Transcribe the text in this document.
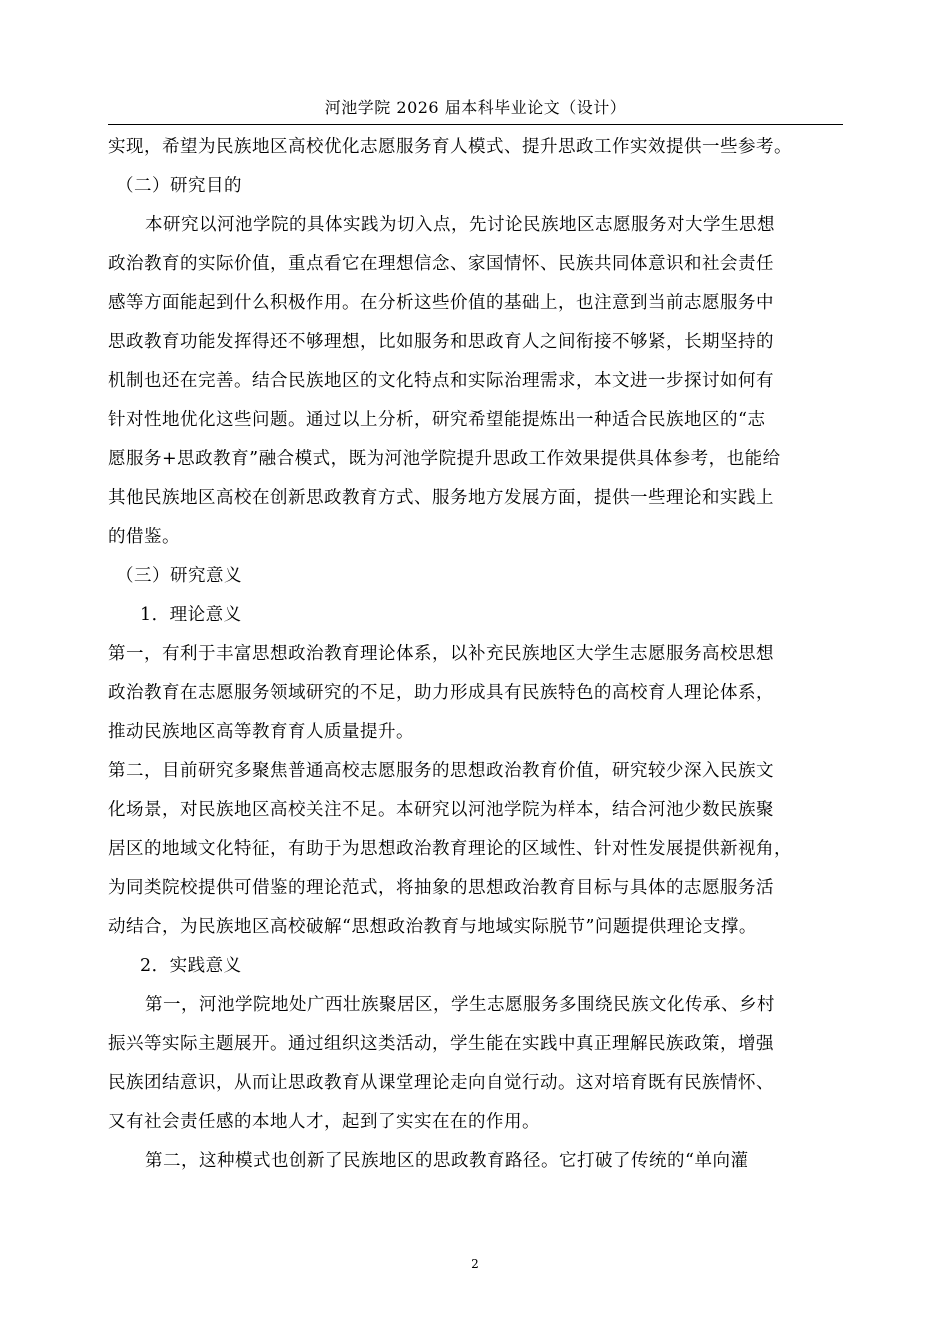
河池学院 2026 届本科毕业论文（设计）
实现，希望为民族地区高校优化志愿服务育人模式、提升思政工作实效提供一些参考。
（二）研究目的
本研究以河池学院的具体实践为切入点，先讨论民族地区志愿服务对大学生思想
政治教育的实际价值，重点看它在理想信念、家国情怀、民族共同体意识和社会责任
感等方面能起到什么积极作用。在分析这些价值的基础上，也注意到当前志愿服务中
思政教育功能发挥得还不够理想，比如服务和思政育人之间衔接不够紧，长期坚持的
机制也还在完善。结合民族地区的文化特点和实际治理需求，本文进一步探讨如何有
针对性地优化这些问题。通过以上分析，研究希望能提炼出一种适合民族地区的“志
愿服务+思政教育”融合模式，既为河池学院提升思政工作效果提供具体参考，也能给
其他民族地区高校在创新思政教育方式、服务地方发展方面，提供一些理论和实践上
的借鉴。
（三）研究意义
1．理论意义
第一，有利于丰富思想政治教育理论体系，以补充民族地区大学生志愿服务高校思想
政治教育在志愿服务领域研究的不足，助力形成具有民族特色的高校育人理论体系，
推动民族地区高等教育育人质量提升。
第二，目前研究多聚焦普通高校志愿服务的思想政治教育价值，研究较少深入民族文
化场景，对民族地区高校关注不足。本研究以河池学院为样本，结合河池少数民族聚
居区的地域文化特征，有助于为思想政治教育理论的区域性、针对性发展提供新视角，
为同类院校提供可借鉴的理论范式，将抽象的思想政治教育目标与具体的志愿服务活
动结合，为民族地区高校破解“思想政治教育与地域实际脱节”问题提供理论支撑。
2．实践意义
第一，河池学院地处广西壮族聚居区，学生志愿服务多围绕民族文化传承、乡村
振兴等实际主题展开。通过组织这类活动，学生能在实践中真正理解民族政策，增强
民族团结意识，从而让思政教育从课堂理论走向自觉行动。这对培育既有民族情怀、
又有社会责任感的本地人才，起到了实实在在的作用。
第二，这种模式也创新了民族地区的思政教育路径。它打破了传统的“单向灌
2
